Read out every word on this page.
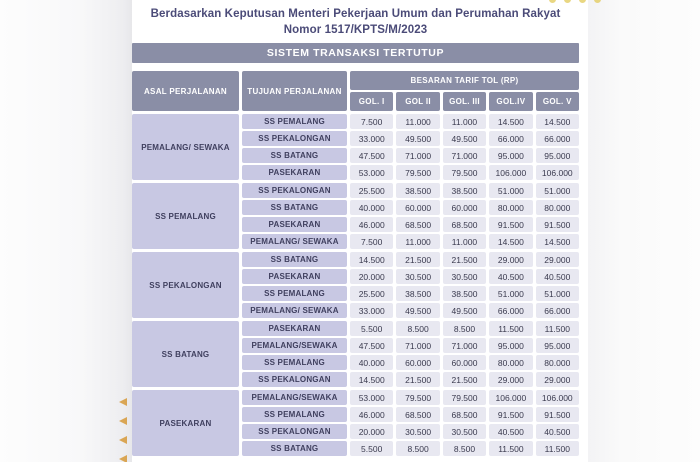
Berdasarkan Keputusan Menteri Pekerjaan Umum dan Perumahan Rakyat
Nomor 1517/KPTS/M/2023
SISTEM TRANSAKSI TERTUTUP
ASAL PERJALANAN	TUJUAN PERJALANAN
BESARAN TARIF TOL (RP)
GOL. I	GOL II	GOL. III	GOL.IV	GOL. V
PEMALANG/ SEWAKA
SS PEMALANG	7.500	11.000	11.000	14.500	14.500
SS PEKALONGAN	33.000	49.500	49.500	66.000	66.000
SS BATANG	47.500	71.000	71.000	95.000	95.000
PASEKARAN	53.000	79.500	79.500	106.000	106.000
SS PEMALANG
SS PEKALONGAN	25.500	38.500	38.500	51.000	51.000
SS BATANG	40.000	60.000	60.000	80.000	80.000
PASEKARAN	46.000	68.500	68.500	91.500	91.500
PEMALANG/ SEWAKA	7.500	11.000	11.000	14.500	14.500
SS PEKALONGAN
SS BATANG	14.500	21.500	21.500	29.000	29.000
PASEKARAN	20.000	30.500	30.500	40.500	40.500
SS PEMALANG	25.500	38.500	38.500	51.000	51.000
PEMALANG/ SEWAKA	33.000	49.500	49.500	66.000	66.000
SS BATANG
PASEKARAN	5.500	8.500	8.500	11.500	11.500
PEMALANG/SEWAKA	47.500	71.000	71.000	95.000	95.000
SS PEMALANG	40.000	60.000	60.000	80.000	80.000
SS PEKALONGAN	14.500	21.500	21.500	29.000	29.000
PASEKARAN
PEMALANG/SEWAKA	53.000	79.500	79.500	106.000	106.000
SS PEMALANG	46.000	68.500	68.500	91.500	91.500
SS PEKALONGAN	20.000	30.500	30.500	40.500	40.500
SS BATANG	5.500	8.500	8.500	11.500	11.500
